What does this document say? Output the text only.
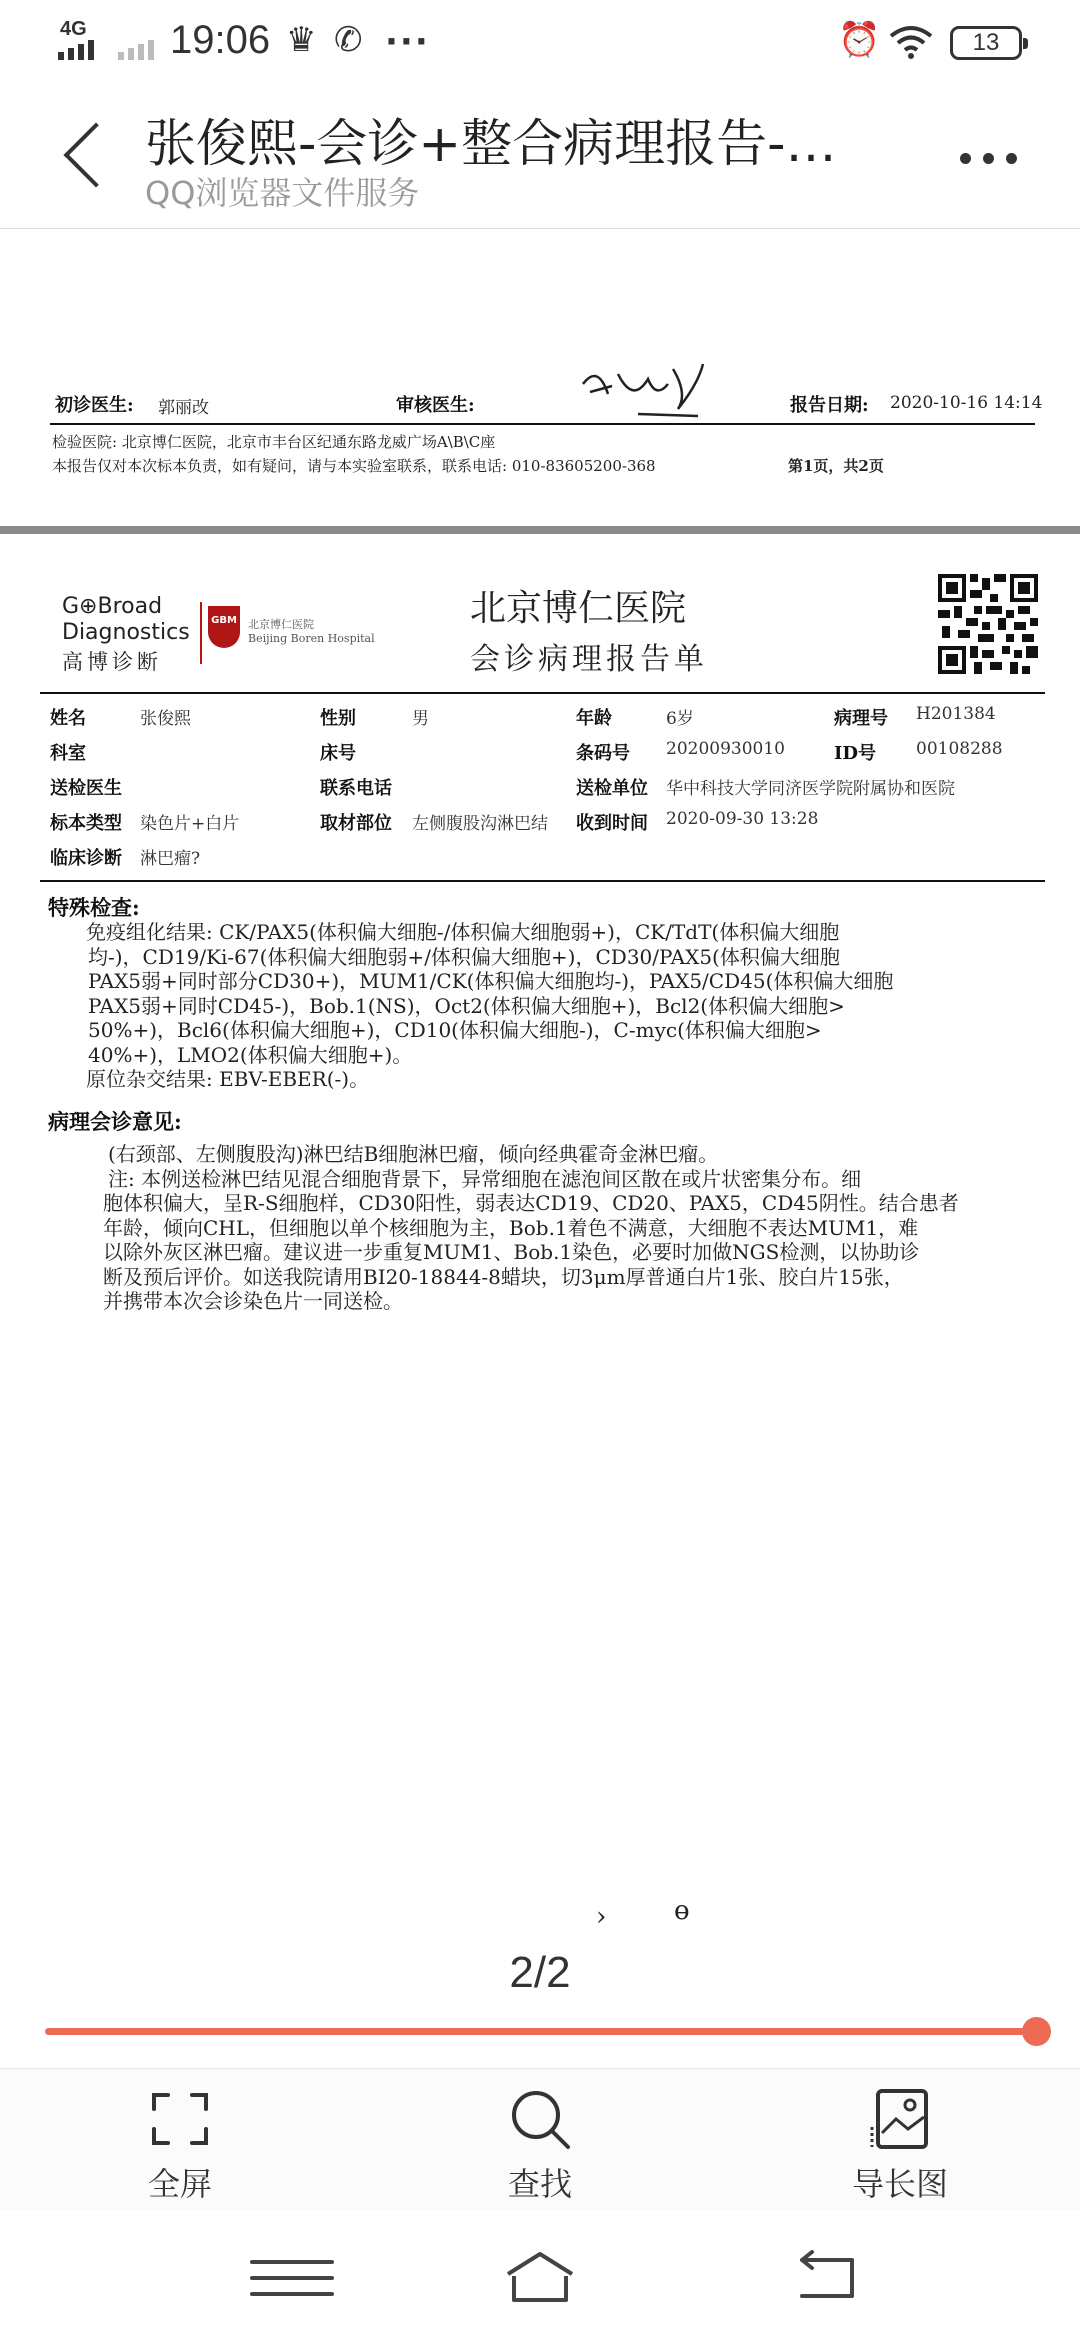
4G 19:06 ♛ ✆ ···	⏰	13
张俊熙-会诊+整合病理报告-…
QQ浏览器文件服务
初诊医生: 郭丽改	审核医生:	报告日期: 2020-10-16 14:14
检验医院: 北京博仁医院，北京市丰台区纪通东路龙威广场A\B\C座
本报告仅对本次标本负责，如有疑问，请与本实验室联系，联系电话: 010-83605200-368	第1页，共2页
G⊕Broad
Diagnostics
高博诊断
GBM 北京博仁医院
Beijing Boren Hospital
北京博仁医院
会诊病理报告单
姓名	张俊熙	性别	男	年龄	6岁	病理号 H201384
科室	床号	条码号 20200930010	ID号 00108288
送检医生	联系电话	送检单位 华中科技大学同济医学院附属协和医院
标本类型 染色片+白片	取材部位 左侧腹股沟淋巴结 收到时间 2020-09-30 13:28
临床诊断 淋巴瘤?
特殊检查:
免疫组化结果: CK/PAX5(体积偏大细胞-/体积偏大细胞弱+)，CK/TdT(体积偏大细胞
均-)，CD19/Ki-67(体积偏大细胞弱+/体积偏大细胞+)，CD30/PAX5(体积偏大细胞
PAX5弱+同时部分CD30+)，MUM1/CK(体积偏大细胞均-)，PAX5/CD45(体积偏大细胞
PAX5弱+同时CD45-)，Bob.1(NS)，Oct2(体积偏大细胞+)，Bcl2(体积偏大细胞>
50%+)，Bcl6(体积偏大细胞+)，CD10(体积偏大细胞-)，C-myc(体积偏大细胞>
40%+)，LMO2(体积偏大细胞+)。
原位杂交结果: EBV-EBER(-)。
病理会诊意见:
(右颈部、左侧腹股沟)淋巴结B细胞淋巴瘤，倾向经典霍奇金淋巴瘤。
注: 本例送检淋巴结见混合细胞背景下，异常细胞在滤泡间区散在或片状密集分布。细
胞体积偏大，呈R-S细胞样，CD30阳性，弱表达CD19、CD20、PAX5，CD45阴性。结合患者
年龄，倾向CHL，但细胞以单个核细胞为主，Bob.1着色不满意，大细胞不表达MUM1，难
以除外灰区淋巴瘤。建议进一步重复MUM1、Bob.1染色，必要时加做NGS检测，以协助诊
断及预后评价。如送我院请用BI20-18844-8蜡块，切3μm厚普通白片1张、胶白片15张，
并携带本次会诊染色片一同送检。
›	ɵ
2/2
全屏	查找	导长图
